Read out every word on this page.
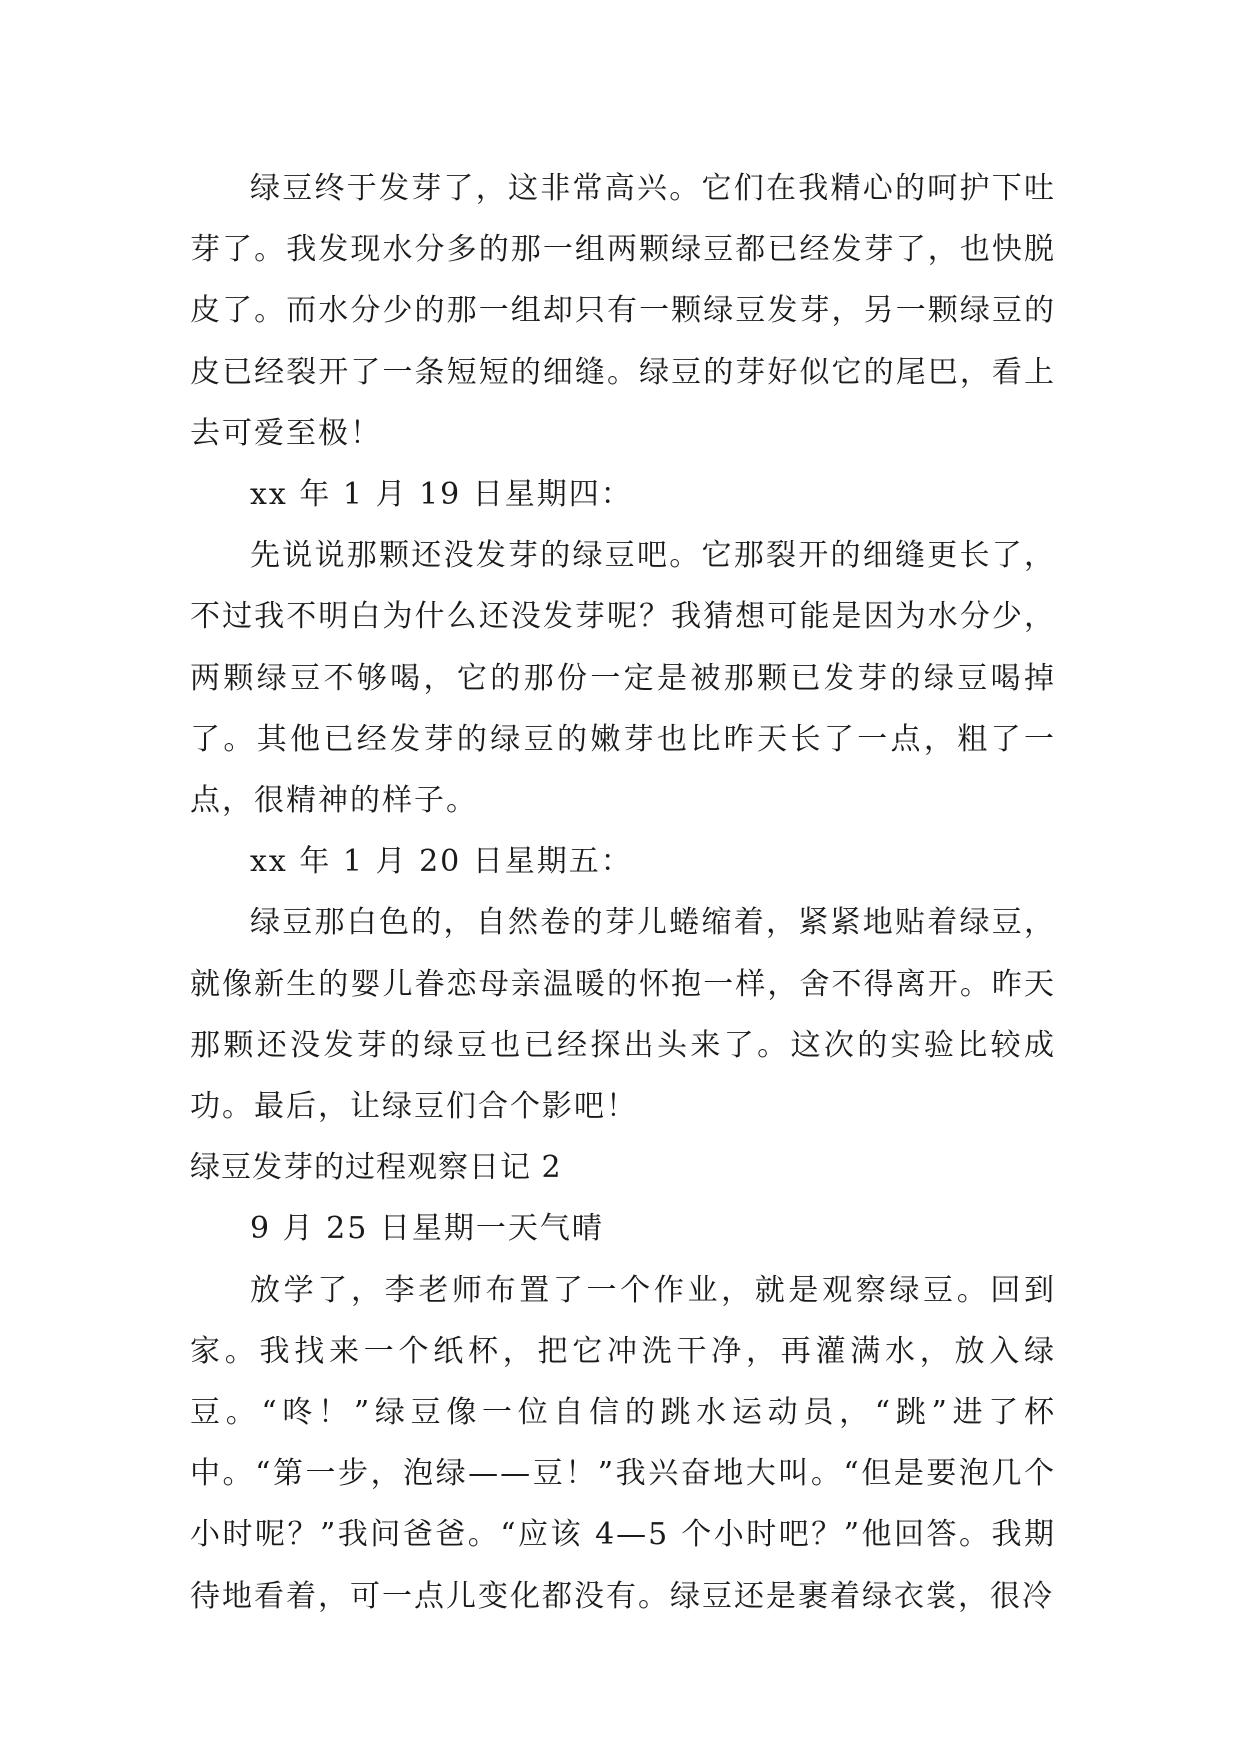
绿豆终于发芽了，这非常高兴。它们在我精心的呵护下吐芽了。我发现水分多的那一组两颗绿豆都已经发芽了，也快脱皮了。而水分少的那一组却只有一颗绿豆发芽，另一颗绿豆的皮已经裂开了一条短短的细缝。绿豆的芽好似它的尾巴，看上去可爱至极！

xx 年 1 月 19 日星期四：

先说说那颗还没发芽的绿豆吧。它那裂开的细缝更长了，不过我不明白为什么还没发芽呢？我猜想可能是因为水分少，两颗绿豆不够喝，它的那份一定是被那颗已发芽的绿豆喝掉了。其他已经发芽的绿豆的嫩芽也比昨天长了一点，粗了一点，很精神的样子。

xx 年 1 月 20 日星期五：

绿豆那白色的，自然卷的芽儿蜷缩着，紧紧地贴着绿豆，就像新生的婴儿眷恋母亲温暖的怀抱一样，舍不得离开。昨天那颗还没发芽的绿豆也已经探出头来了。这次的实验比较成功。最后，让绿豆们合个影吧！

绿豆发芽的过程观察日记 2

9 月 25 日星期一天气晴

放学了，李老师布置了一个作业，就是观察绿豆。回到家。我找来一个纸杯，把它冲洗干净，再灌满水，放入绿豆。“咚！”绿豆像一位自信的跳水运动员，“跳”进了杯中。“第一步，泡绿——豆！”我兴奋地大叫。“但是要泡几个小时呢？”我问爸爸。“应该 4—5 个小时吧？”他回答。我期待地看着，可一点儿变化都没有。绿豆还是裹着绿衣裳，很冷
